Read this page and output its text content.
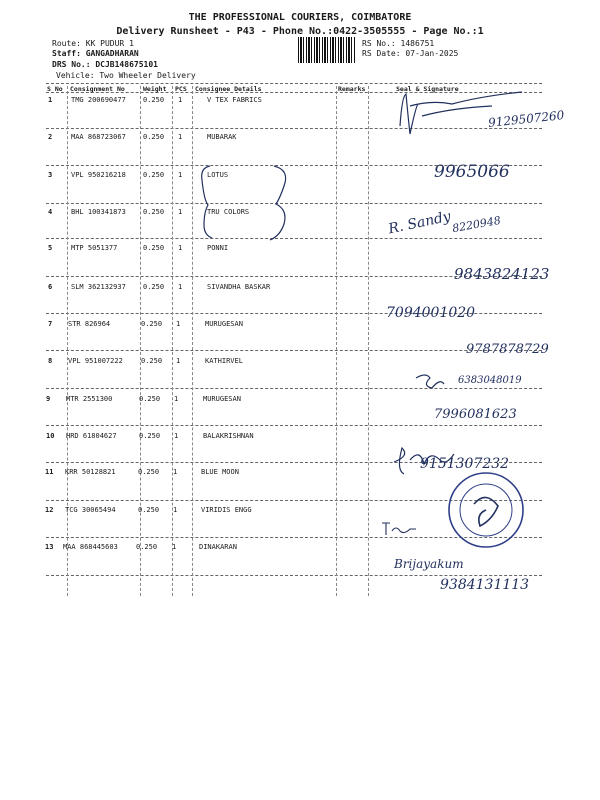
THE PROFESSIONAL COURIERS, COIMBATORE
Delivery Runsheet - P43 - Phone No.:0422-3505555 - Page No.:1
Route: KK PUDUR 1
Staff: GANGADHARAN
DRS No.: DCJB148675101
Vehicle: Two Wheeler Delivery
RS No.: 1486751
RS Date: 07-Jan-2025
S No Consignment No	Weight PCS Consignee Details	Remarks	Seal & Signature
1	TMG 200690477 0.250 1	V TEX FABRICS
2	MAA 868723067 0.250 1	MUBARAK
3	VPL 950216218 0.250 1	LOTUS
4	BHL 100341873 0.250 1	TRU COLORS
5	MTP 5051377	0.250 1	PONNI
6	SLM 362132937 0.250 1	SIVANDHA BASKAR
7 STR 826964	0.250 1	MURUGESAN
8 VPL 951007222	0.250 1	KATHIRVEL
9 MTR 2551300	0.250 1	MURUGESAN
10 HRD 61804627	0.250 1	BALAKRISHNAN
11 KRR 50128821	0.250 1	BLUE MOON
12 TCG 30065494	0.250 1	VIRIDIS ENGG
13 MAA 868445603	0.250 1	DINAKARAN
9129507260
9965066
R. Sandy
8220948
9843824123
7094001020
9787878729
6383048019
7996081623
9151307232
Brijayakum
9384131113
